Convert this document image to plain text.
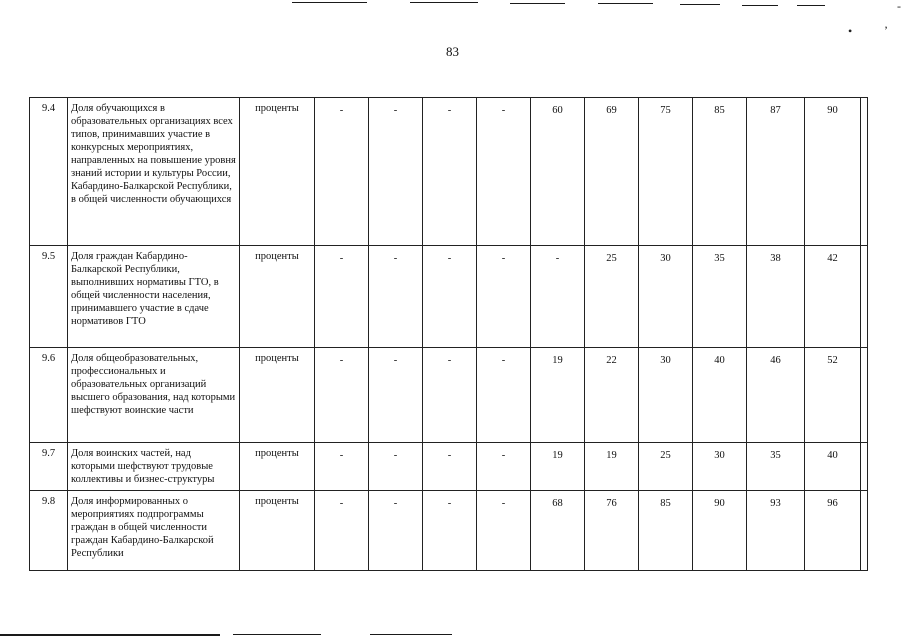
•	’
-
83
9.4	Доля обучающихся в образовательных организациях всех типов, принимавших участие в конкурсных мероприятиях, направленных на повышение уровня знаний истории и культуры России, Кабардино-Балкарской Республики, в общей численности обучающихся	проценты	-	-	-	-	60	69	75	85	87	90	
9.5	Доля граждан Кабардино-Балкарской Республики, выполнивших нормативы ГТО, в общей численности населения, принимавшего участие в сдаче нормативов ГТО	проценты	-	-	-	-	-	25	30	35	38	42	
9.6	Доля общеобразовательных, профессиональных и образовательных организаций высшего образования, над которыми шефствуют воинские части	проценты	-	-	-	-	19	22	30	40	46	52	
9.7	Доля воинских частей, над которыми шефствуют трудовые коллективы и бизнес-структуры	проценты	-	-	-	-	19	19	25	30	35	40	
9.8	Доля информированных о мероприятиях подпрограммы граждан в общей численности граждан Кабардино-Балкарской Республики	проценты	-	-	-	-	68	76	85	90	93	96	
